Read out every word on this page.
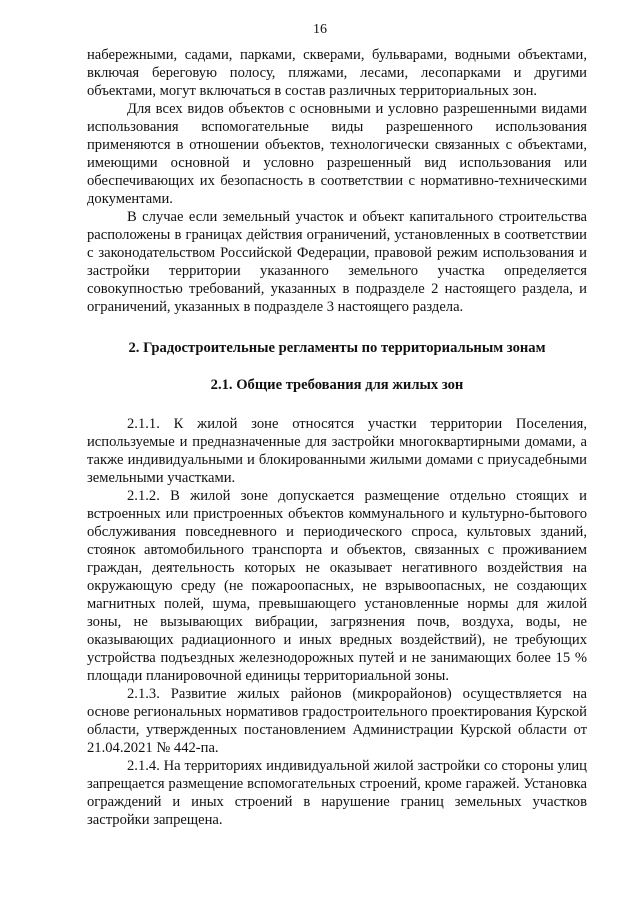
16

набережными, садами, парками, скверами, бульварами, водными объектами, включая береговую полосу, пляжами, лесами, лесопарками и другими объектами, могут включаться в состав различных территориальных зон.

Для всех видов объектов с основными и условно разрешенными видами использования вспомогательные виды разрешенного использования применяются в отношении объектов, технологически связанных с объектами, имеющими основной и условно разрешенный вид использования или обеспечивающих их безопасность в соответствии с нормативно-техническими документами.

В случае если земельный участок и объект капитального строительства расположены в границах действия ограничений, установленных в соответствии с законодательством Российской Федерации, правовой режим использования и застройки территории указанного земельного участка определяется совокупностью требований, указанных в подразделе 2 настоящего раздела, и ограничений, указанных в подразделе 3 настоящего раздела.

2. Градостроительные регламенты по территориальным зонам

2.1. Общие требования для жилых зон

2.1.1. К жилой зоне относятся участки территории Поселения, используемые и предназначенные для застройки многоквартирными домами, а также индивидуальными и блокированными жилыми домами с приусадебными земельными участками.

2.1.2. В жилой зоне допускается размещение отдельно стоящих и встроенных или пристроенных объектов коммунального и культурно-бытового обслуживания повседневного и периодического спроса, культовых зданий, стоянок автомобильного транспорта и объектов, связанных с проживанием граждан, деятельность которых не оказывает негативного воздействия на окружающую среду (не пожароопасных, не взрывоопасных, не создающих магнитных полей, шума, превышающего установленные нормы для жилой зоны, не вызывающих вибрации, загрязнения почв, воздуха, воды, не оказывающих радиационного и иных вредных воздействий), не требующих устройства подъездных железнодорожных путей и не занимающих более 15 % площади планировочной единицы территориальной зоны.

2.1.3. Развитие жилых районов (микрорайонов) осуществляется на основе региональных нормативов градостроительного проектирования Курской области, утвержденных постановлением Администрации Курской области от 21.04.2021 № 442-па.

2.1.4. На территориях индивидуальной жилой застройки со стороны улиц запрещается размещение вспомогательных строений, кроме гаражей. Установка ограждений и иных строений в нарушение границ земельных участков застройки запрещена.
